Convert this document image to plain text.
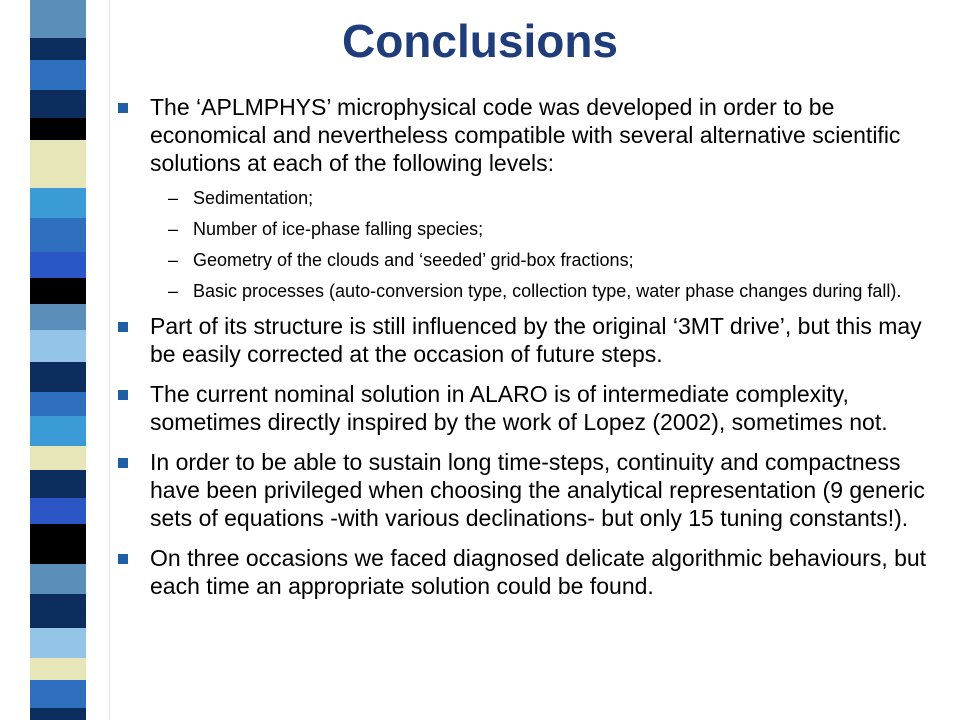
Conclusions
The ‘APLMPHYS’ microphysical code was developed in order to be economical and nevertheless compatible with several alternative scientific solutions at each of the following levels:
– Sedimentation;
– Number of ice-phase falling species;
– Geometry of the clouds and ‘seeded’ grid-box fractions;
– Basic processes (auto-conversion type, collection type, water phase changes during fall).
Part of its structure is still influenced by the original ‘3MT drive’, but this may be easily corrected at the occasion of future steps.
The current nominal solution in ALARO is of intermediate complexity, sometimes directly inspired by the work of Lopez (2002), sometimes not.
In order to be able to sustain long time-steps, continuity and compactness have been privileged when choosing the analytical representation (9 generic sets of equations -with various declinations- but only 15 tuning constants!).
On three occasions we faced diagnosed delicate algorithmic behaviours, but each time an appropriate solution could be found.
